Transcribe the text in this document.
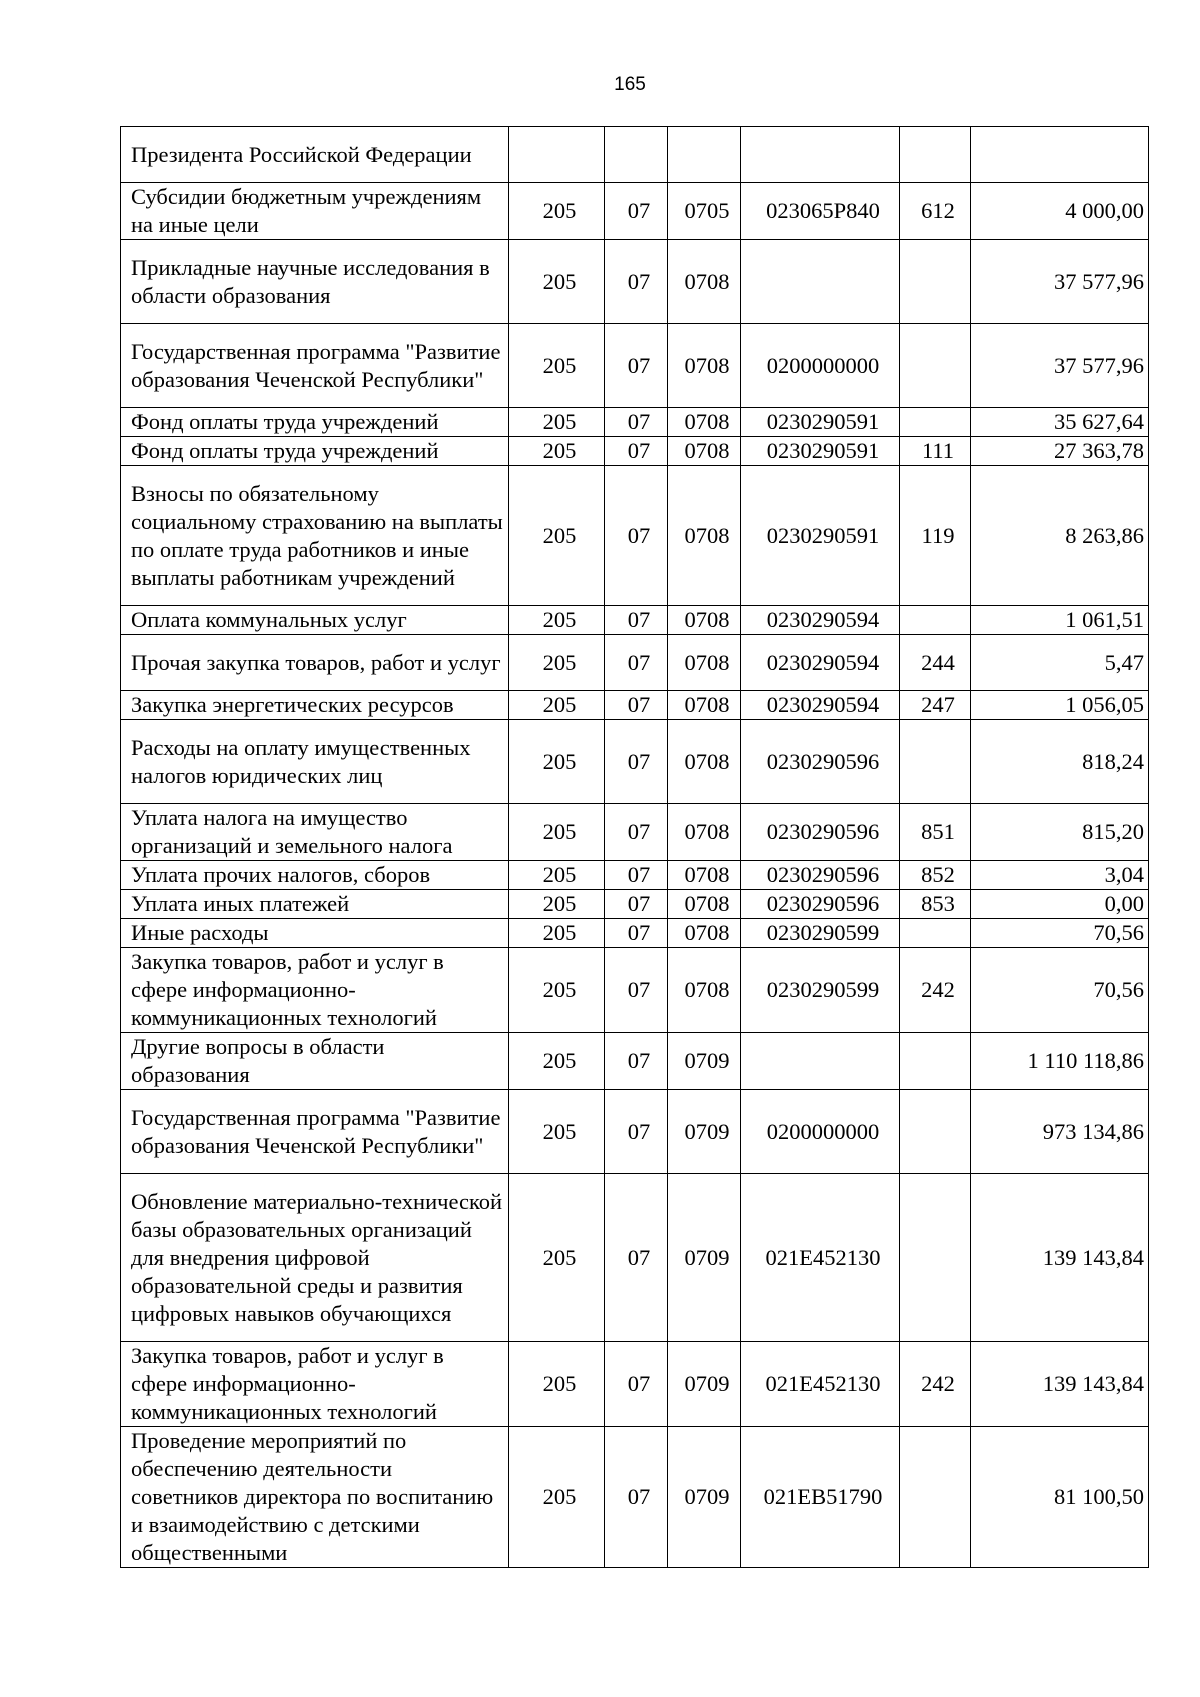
165
Президента Российской Федерации						
Субсидии бюджетным учреждениям на иные цели	205	07	0705	023065Р840	612	4 000,00
Прикладные научные исследования в области образования	205	07	0708			37 577,96
Государственная программа "Развитие образования Чеченской Республики"	205	07	0708	0200000000		37 577,96
Фонд оплаты труда учреждений	205	07	0708	0230290591		35 627,64
Фонд оплаты труда учреждений	205	07	0708	0230290591	111	27 363,78
Взносы по обязательному социальному страхованию на выплаты по оплате труда работников и иные выплаты работникам учреждений	205	07	0708	0230290591	119	8 263,86
Оплата коммунальных услуг	205	07	0708	0230290594		1 061,51
Прочая закупка товаров, работ и услуг	205	07	0708	0230290594	244	5,47
Закупка энергетических ресурсов	205	07	0708	0230290594	247	1 056,05
Расходы на оплату имущественных налогов юридических лиц	205	07	0708	0230290596		818,24
Уплата налога на имущество организаций и земельного налога	205	07	0708	0230290596	851	815,20
Уплата прочих налогов, сборов	205	07	0708	0230290596	852	3,04
Уплата иных платежей	205	07	0708	0230290596	853	0,00
Иные расходы	205	07	0708	0230290599		70,56
Закупка товаров, работ и услуг в сфере информационно-коммуникационных технологий	205	07	0708	0230290599	242	70,56
Другие вопросы в области образования	205	07	0709			1 110 118,86
Государственная программа "Развитие образования Чеченской Республики"	205	07	0709	0200000000		973 134,86
Обновление материально-технической базы образовательных организаций для внедрения цифровой образовательной среды и развития цифровых навыков обучающихся	205	07	0709	021Е452130		139 143,84
Закупка товаров, работ и услуг в сфере информационно-коммуникационных технологий	205	07	0709	021Е452130	242	139 143,84
Проведение мероприятий по обеспечению деятельности советников директора по воспитанию и взаимодействию с детскими общественными	205	07	0709	021ЕВ51790		81 100,50
